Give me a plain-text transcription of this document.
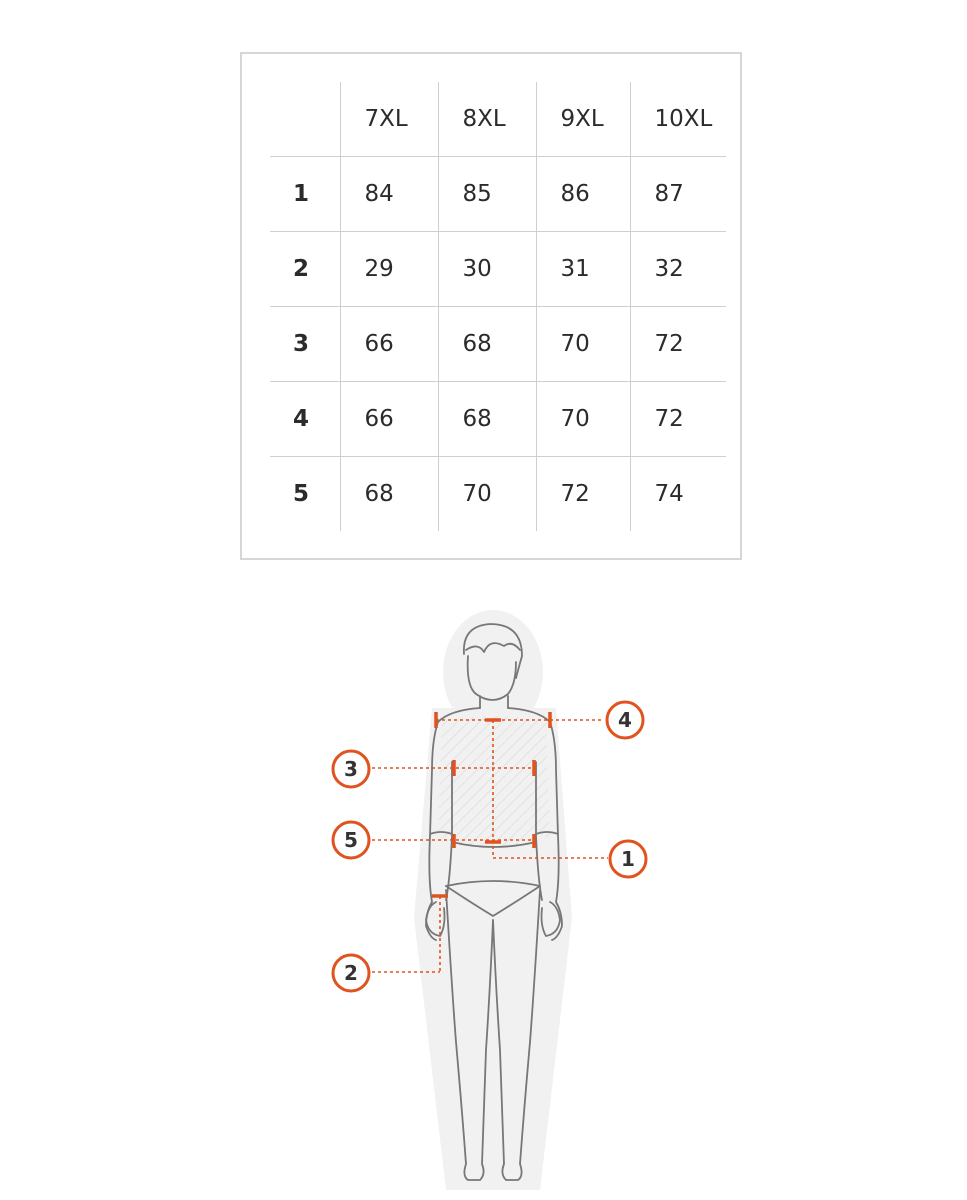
	7XL	8XL	9XL	10XL
1	84	85	86	87
2	29	30	31	32
3	66	68	70	72
4	66	68	70	72
5	68	70	72	74
4
3
5
1
2
